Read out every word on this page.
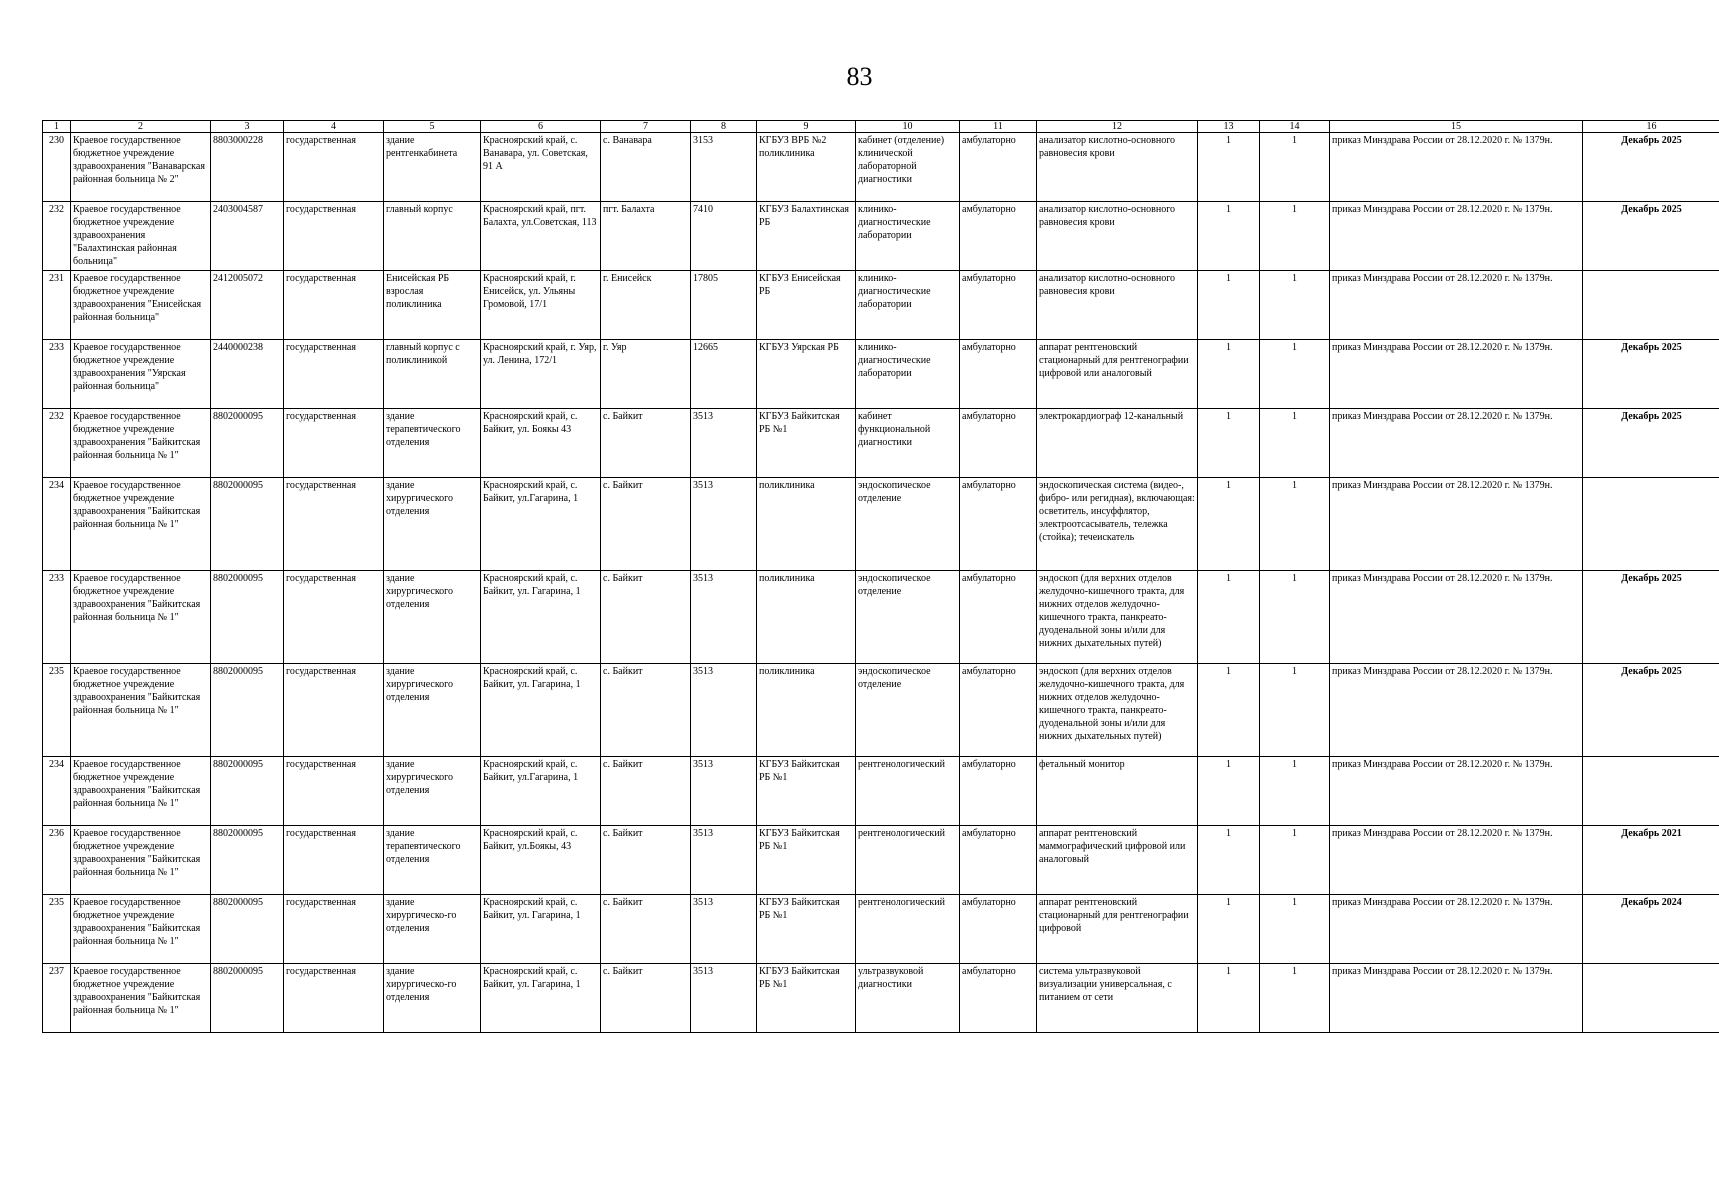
83
1	2	3	4	5	6	7	8	9	10	11	12	13	14	15	16
230	Краевое государственное бюджетное учреждение здравоохранения "Ванаварская районная больница № 2"	8803000228	государственная	здание рентгенкабинета	Красноярский край, с. Ванавара, ул. Советская, 91 А	с. Ванавара	3153	КГБУЗ ВРБ №2 поликлиника	кабинет (отделение) клинической лабораторной диагностики	амбулаторно	анализатор кислотно-основного равновесия крови	1	1	приказ Минздрава России от 28.12.2020 г. № 1379н.	Декабрь 2025
232	Краевое государственное бюджетное учреждение здравоохранения "Балахтинская районная больница"	2403004587	государственная	главный корпус	Красноярский край, пгт. Балахта, ул.Советская, 113	пгт. Балахта	7410	КГБУЗ Балахтинская РБ	клинико-диагностические лаборатории	амбулаторно	анализатор кислотно-основного равновесия крови	1	1	приказ Минздрава России от 28.12.2020 г. № 1379н.	Декабрь 2025
231	Краевое государственное бюджетное учреждение здравоохранения "Енисейская районная больница"	2412005072	государственная	Енисейская РБ взрослая поликлиника	Красноярский край, г. Енисейск, ул. Ульяны Громовой, 17/1	г. Енисейск	17805	КГБУЗ Енисейская РБ	клинико-диагностические лаборатории	амбулаторно	анализатор кислотно-основного равновесия крови	1	1	приказ Минздрава России от 28.12.2020 г. № 1379н.	
233	Краевое государственное бюджетное учреждение здравоохранения "Уярская районная больница"	2440000238	государственная	главный корпус с поликлиникой	Красноярский край, г. Уяр, ул. Ленина, 172/1	г. Уяр	12665	КГБУЗ Уярская РБ	клинико-диагностические лаборатории	амбулаторно	аппарат рентгеновский стационарный для рентгенографии цифровой или аналоговый	1	1	приказ Минздрава России от 28.12.2020 г. № 1379н.	Декабрь 2025
232	Краевое государственное бюджетное учреждение здравоохранения "Байкитская районная больница № 1"	8802000095	государственная	здание терапевтического отделения	Красноярский край, с. Байкит, ул. Боякы 43	с. Байкит	3513	КГБУЗ Байкитская РБ №1	кабинет функциональной диагностики	амбулаторно	электрокардиограф 12-канальный	1	1	приказ Минздрава России от 28.12.2020 г. № 1379н.	Декабрь 2025
234	Краевое государственное бюджетное учреждение здравоохранения "Байкитская районная больница № 1"	8802000095	государственная	здание хирургического отделения	Красноярский край, с. Байкит, ул.Гагарина, 1	с. Байкит	3513	поликлиника	эндоскопическое отделение	амбулаторно	эндоскопическая система (видео-, фибро- или регидная), включающая: осветитель, инсуффлятор, электроотсасыватель, тележка (стойка); течеискатель	1	1	приказ Минздрава России от 28.12.2020 г. № 1379н.	
233	Краевое государственное бюджетное учреждение здравоохранения "Байкитская районная больница № 1"	8802000095	государственная	здание хирургического отделения	Красноярский край, с. Байкит, ул. Гагарина, 1	с. Байкит	3513	поликлиника	эндоскопическое отделение	амбулаторно	эндоскоп (для верхних отделов желудочно-кишечного тракта, для нижних отделов желудочно-кишечного тракта, панкреато-дуоденальной зоны и/или для нижних дыхательных путей)	1	1	приказ Минздрава России от 28.12.2020 г. № 1379н.	Декабрь 2025
235	Краевое государственное бюджетное учреждение здравоохранения "Байкитская районная больница № 1"	8802000095	государственная	здание хирургического отделения	Красноярский край, с. Байкит, ул. Гагарина, 1	с. Байкит	3513	поликлиника	эндоскопическое отделение	амбулаторно	эндоскоп (для верхних отделов желудочно-кишечного тракта, для нижних отделов желудочно-кишечного тракта, панкреато-дуоденальной зоны и/или для нижних дыхательных путей)	1	1	приказ Минздрава России от 28.12.2020 г. № 1379н.	Декабрь 2025
234	Краевое государственное бюджетное учреждение здравоохранения "Байкитская районная больница № 1"	8802000095	государственная	здание хирургического отделения	Красноярский край, с. Байкит, ул.Гагарина, 1	с. Байкит	3513	КГБУЗ Байкитская РБ №1	рентгенологический	амбулаторно	фетальный монитор	1	1	приказ Минздрава России от 28.12.2020 г. № 1379н.	
236	Краевое государственное бюджетное учреждение здравоохранения "Байкитская районная больница № 1"	8802000095	государственная	здание терапевтического отделения	Красноярский край, с. Байкит, ул.Боякы, 43	с. Байкит	3513	КГБУЗ Байкитская РБ №1	рентгенологический	амбулаторно	аппарат рентгеновский маммографический цифровой или аналоговый	1	1	приказ Минздрава России от 28.12.2020 г. № 1379н.	Декабрь 2021
235	Краевое государственное бюджетное учреждение здравоохранения "Байкитская районная больница № 1"	8802000095	государственная	здание хирургическо-го отделения	Красноярский край, с. Байкит, ул. Гагарина, 1	с. Байкит	3513	КГБУЗ Байкитская РБ №1	рентгенологический	амбулаторно	аппарат рентгеновский стационарный для рентгенографии цифровой	1	1	приказ Минздрава России от 28.12.2020 г. № 1379н.	Декабрь 2024
237	Краевое государственное бюджетное учреждение здравоохранения "Байкитская районная больница № 1"	8802000095	государственная	здание хирургическо-го отделения	Красноярский край, с. Байкит, ул. Гагарина, 1	с. Байкит	3513	КГБУЗ Байкитская РБ №1	ультразвуковой диагностики	амбулаторно	система ультразвуковой визуализации универсальная, с питанием от сети	1	1	приказ Минздрава России от 28.12.2020 г. № 1379н.	
